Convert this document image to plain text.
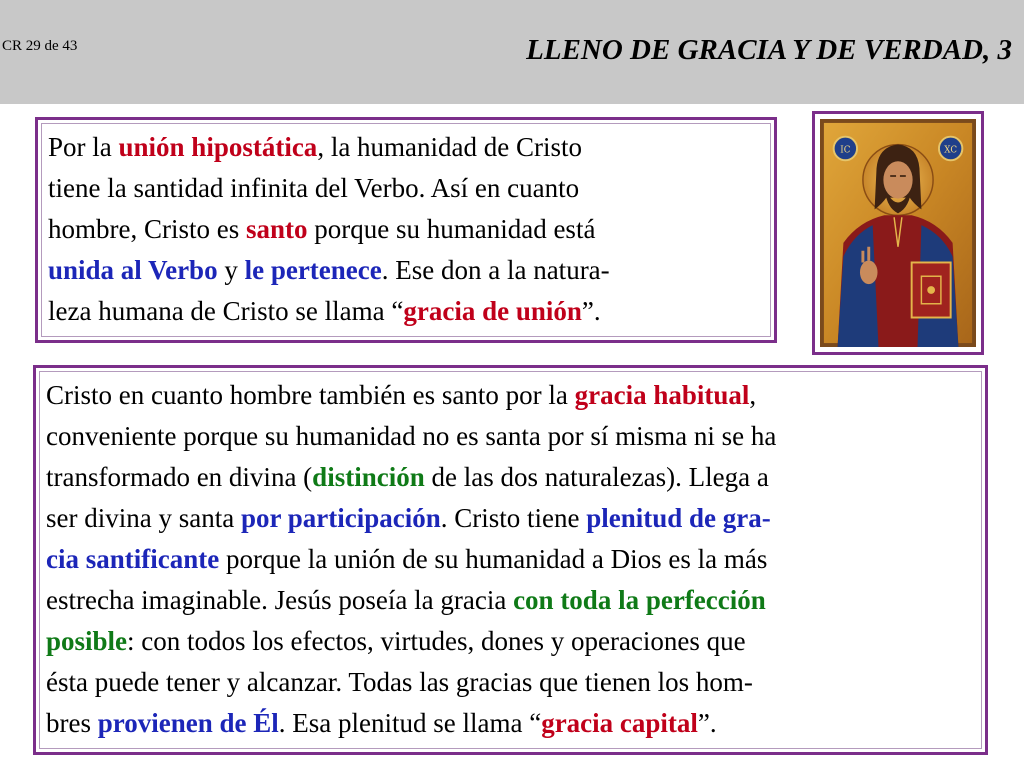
CR 29 de 43	LLENO DE GRACIA Y DE VERDAD, 3
Por la unión hipostática, la humanidad de Cristo
tiene la santidad infinita del Verbo. Así en cuanto
hombre, Cristo es santo porque su humanidad está
unida al Verbo y le pertenece. Ese don a la natura-
leza humana de Cristo se llama “gracia de unión”.
IC	XC
Cristo en cuanto hombre también es santo por la gracia habitual,
conveniente porque su humanidad no es santa por sí misma ni se ha
transformado en divina (distinción de las dos naturalezas). Llega a
ser divina y santa por participación. Cristo tiene plenitud de gra-
cia santificante porque la unión de su humanidad a Dios es la más
estrecha imaginable. Jesús poseía la gracia con toda la perfección
posible: con todos los efectos, virtudes, dones y operaciones que
ésta puede tener y alcanzar. Todas las gracias que tienen los hom-
bres provienen de Él. Esa plenitud se llama “gracia capital”.
